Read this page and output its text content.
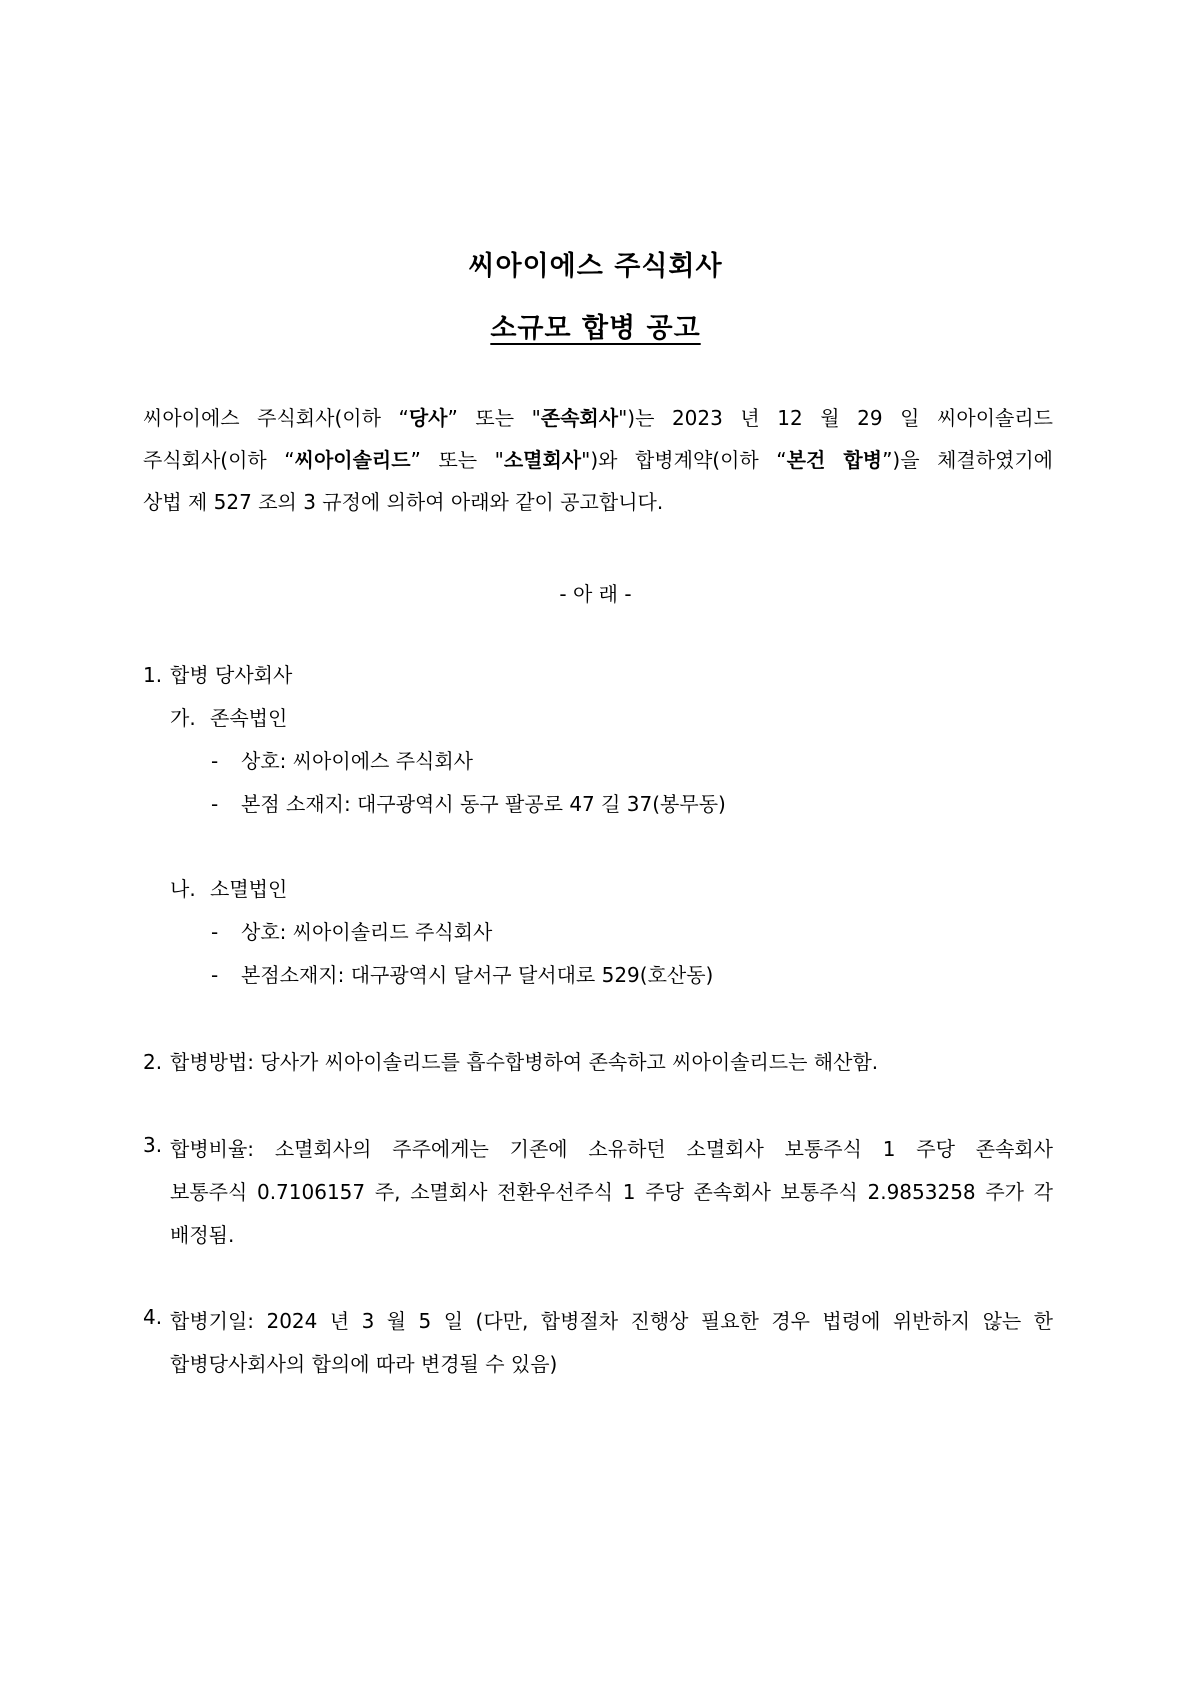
씨아이에스 주식회사
소규모 합병 공고
씨아이에스 주식회사(이하 “당사” 또는 "존속회사")는 2023 년 12 월 29 일 씨아이솔리드
주식회사(이하 “씨아이솔리드” 또는 "소멸회사")와 합병계약(이하 “본건 합병”)을 체결하였기에
상법 제 527 조의 3 규정에 의하여 아래와 같이 공고합니다.
- 아 래 -
1. 합병 당사회사
가. 존속법인
- 상호: 씨아이에스 주식회사
- 본점 소재지: 대구광역시 동구 팔공로 47 길 37(봉무동)
나. 소멸법인
- 상호: 씨아이솔리드 주식회사
- 본점소재지: 대구광역시 달서구 달서대로 529(호산동)
2. 합병방법: 당사가 씨아이솔리드를 흡수합병하여 존속하고 씨아이솔리드는 해산함.
3. 합병비율: 소멸회사의 주주에게는 기존에 소유하던 소멸회사 보통주식 1 주당 존속회사
보통주식 0.7106157 주, 소멸회사 전환우선주식 1 주당 존속회사 보통주식 2.9853258 주가 각
배정됨.
4. 합병기일: 2024 년 3 월 5 일 (다만, 합병절차 진행상 필요한 경우 법령에 위반하지 않는 한
합병당사회사의 합의에 따라 변경될 수 있음)
